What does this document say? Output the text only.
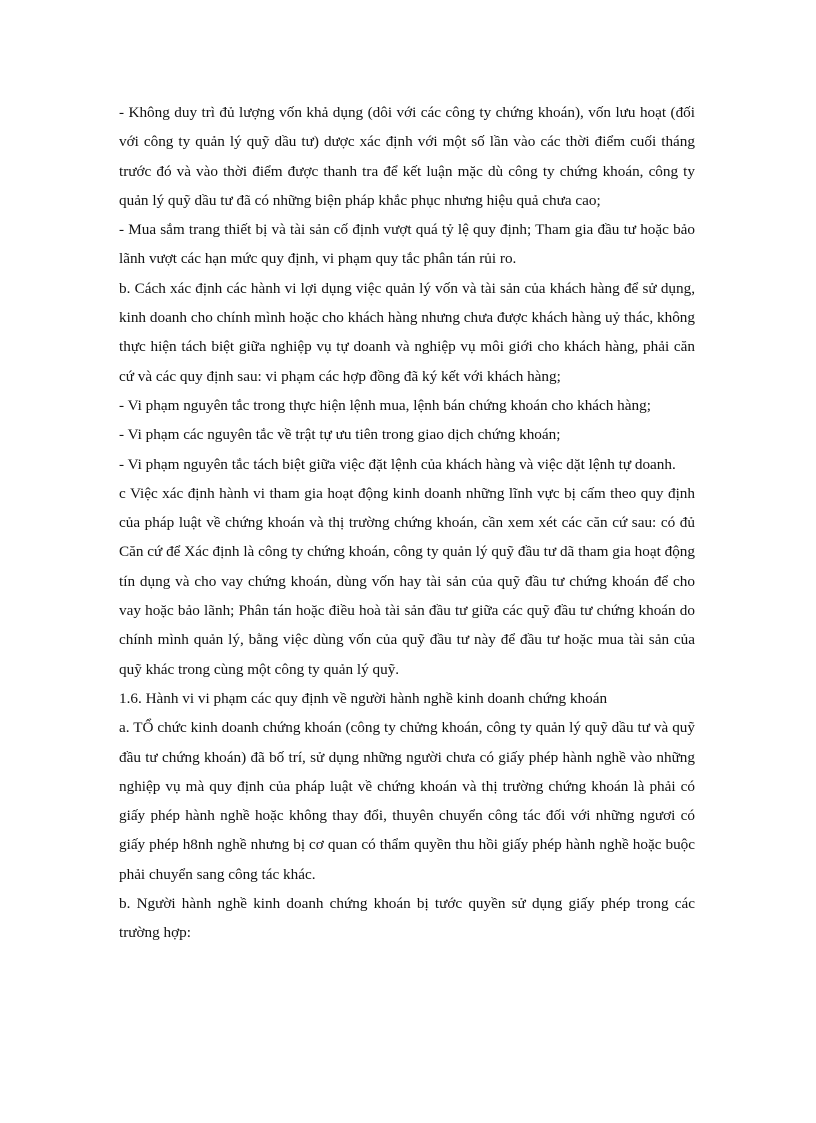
- Không duy trì đủ lượng vốn khả dụng (dôi với các công ty chứng khoán), vốn lưu hoạt (đối với công ty quản lý quỹ dầu tư) dược xác định với một số lần vào các thời điểm cuối tháng trước đó và vào thời điểm được thanh tra để kết luận mặc dù công ty chứng khoán, công ty quản lý quỹ dầu tư đã có những biện pháp khắc phục nhưng hiệu quả chưa cao;

- Mua sắm trang thiết bị và tài sản cố định vượt quá tỷ lệ quy định; Tham gia đầu tư hoặc bảo lãnh vượt các hạn mức quy định, vi phạm quy tắc phân tán rủi ro.

b. Cách xác định các hành vi lợi dụng việc quản lý vốn và tài sản của khách hàng để sử dụng, kinh doanh cho chính mình hoặc cho khách hàng nhưng chưa được khách hàng uỷ thác, không thực hiện tách biệt giữa nghiệp vụ tự doanh và nghiệp vụ môi giới cho khách hàng, phải căn cứ và các quy định sau: vi phạm các hợp đồng đã ký kết với khách hàng;

- Vi phạm nguyên tắc trong thực hiện lệnh mua, lệnh bán chứng khoán cho khách hàng;

- Vi phạm các nguyên tắc về trật tự ưu tiên trong giao dịch chứng khoán;

- Vi phạm nguyên tắc tách biệt giữa việc đặt lệnh của khách hàng và việc dặt lệnh tự doanh.

c Việc xác định hành vi tham gia hoạt động kinh doanh những lĩnh vực bị cấm theo quy định của pháp luật về chứng khoán và thị trường chứng khoán, cần xem xét các căn cứ sau: có đủ Căn cứ để Xác định là công ty chứng khoán, công ty quản lý quỹ đầu tư dã tham gia hoạt động tín dụng và cho vay chứng khoán, dùng vốn hay tài sản của quỹ đầu tư chứng khoán để cho vay hoặc bảo lãnh; Phân tán hoặc điều hoà tài sản đầu tư giữa các quỹ đầu tư chứng khoán do chính mình quản lý, bằng việc dùng vốn của quỹ đầu tư này để đầu tư hoặc mua tài sản của quỹ khác trong cùng một công ty quản lý quỹ.

1.6. Hành vi vi phạm các quy định về người hành nghề kinh doanh chứng khoán

a. TỔ chức kinh doanh chứng khoán (công ty chửng khoán, công ty quản lý quỹ dầu tư và quỹ đầu tư chứng khoán) đã bố trí, sử dụng những người chưa có giấy phép hành nghề vào những nghiệp vụ mà quy định của pháp luật về chứng khoán và thị trường chứng khoán là phải có giấy phép hành nghề hoặc không thay đổi, thuyên chuyển công tác đối với những ngươi có giấy phép h8nh nghề nhưng bị cơ quan có thẩm quyền thu hồi giấy phép hành nghề hoặc buộc phải chuyển sang công tác khác.

b. Người hành nghề kinh doanh chứng khoán bị tước quyền sử dụng giấy phép trong các trường hợp:
